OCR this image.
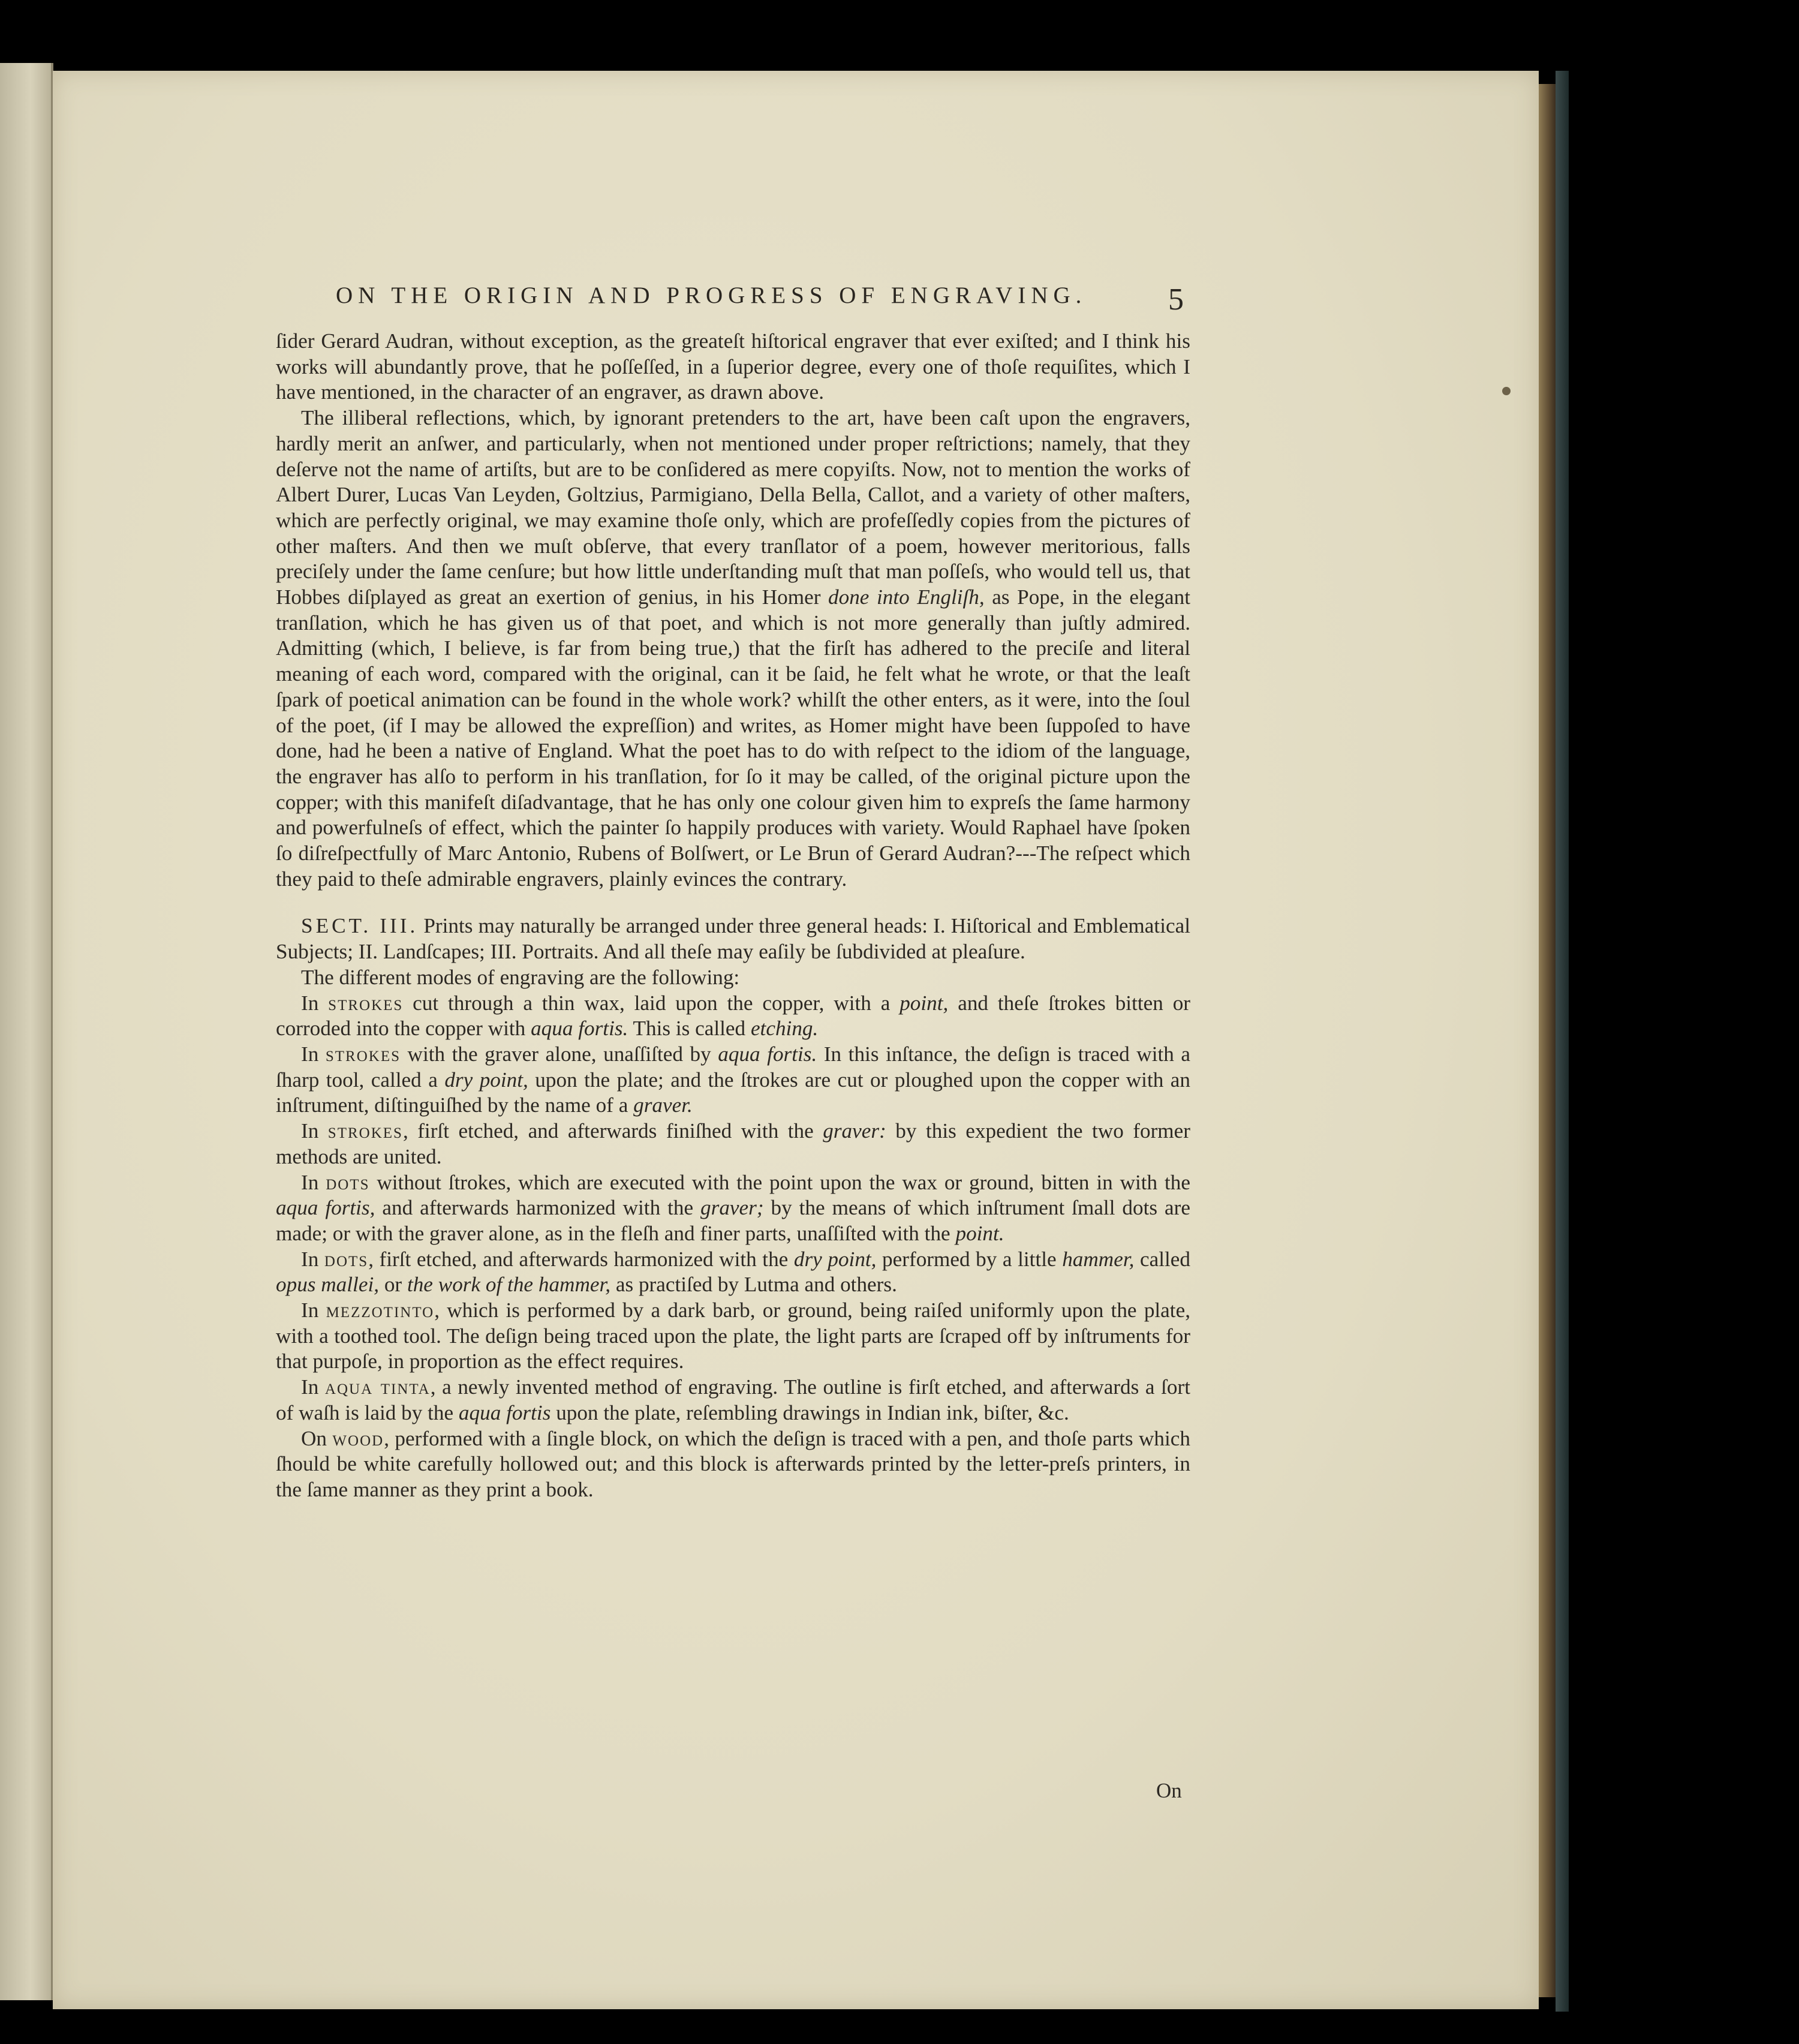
ON THE ORIGIN AND PROGRESS OF ENGRAVING.	5

ſider Gerard Audran, without exception, as the greateſt hiſtorical engraver that ever exiſted; and I think his works will abundantly prove, that he poſſeſſed, in a ſuperior degree, every one of thoſe requiſites, which I have mentioned, in the character of an engraver, as drawn above.

The illiberal reflections, which, by ignorant pretenders to the art, have been caſt upon the engravers, hardly merit an anſwer, and particularly, when not mentioned under proper reſtrictions; namely, that they deſerve not the name of artiſts, but are to be conſidered as mere copyiſts. Now, not to mention the works of Albert Durer, Lucas Van Leyden, Goltzius, Parmigiano, Della Bella, Callot, and a variety of other maſters, which are perfectly original, we may examine thoſe only, which are profeſſedly copies from the pictures of other maſters. And then we muſt obſerve, that every tranſlator of a poem, however meritorious, falls preciſely under the ſame cenſure; but how little underſtanding muſt that man poſſeſs, who would tell us, that Hobbes diſplayed as great an exertion of genius, in his Homer done into Engliſh, as Pope, in the elegant tranſlation, which he has given us of that poet, and which is not more generally than juſtly admired. Admitting (which, I believe, is far from being true,) that the firſt has adhered to the preciſe and literal meaning of each word, compared with the original, can it be ſaid, he felt what he wrote, or that the leaſt ſpark of poetical animation can be found in the whole work? whilſt the other enters, as it were, into the ſoul of the poet, (if I may be allowed the expreſſion) and writes, as Homer might have been ſuppoſed to have done, had he been a native of England. What the poet has to do with reſpect to the idiom of the language, the engraver has alſo to perform in his tranſlation, for ſo it may be called, of the original picture upon the copper; with this manifeſt diſadvantage, that he has only one colour given him to expreſs the ſame harmony and powerfulneſs of effect, which the painter ſo happily produces with variety. Would Raphael have ſpoken ſo diſreſpectfully of Marc Antonio, Rubens of Bolſwert, or Le Brun of Gerard Audran?---The reſpect which they paid to theſe admirable engravers, plainly evinces the contrary.

SECT. III. Prints may naturally be arranged under three general heads: I. Hiſtorical and Emblematical Subjects; II. Landſcapes; III. Portraits. And all theſe may eaſily be ſubdivided at pleaſure.

The different modes of engraving are the following:

In strokes cut through a thin wax, laid upon the copper, with a point, and theſe ſtrokes bitten or corroded into the copper with aqua fortis. This is called etching.

In strokes with the graver alone, unaſſiſted by aqua fortis. In this inſtance, the deſign is traced with a ſharp tool, called a dry point, upon the plate; and the ſtrokes are cut or ploughed upon the copper with an inſtrument, diſtinguiſhed by the name of a graver.

In strokes, firſt etched, and afterwards finiſhed with the graver: by this expedient the two former methods are united.

In dots without ſtrokes, which are executed with the point upon the wax or ground, bitten in with the aqua fortis, and afterwards harmonized with the graver; by the means of which inſtrument ſmall dots are made; or with the graver alone, as in the fleſh and finer parts, unaſſiſted with the point.

In dots, firſt etched, and afterwards harmonized with the dry point, performed by a little hammer, called opus mallei, or the work of the hammer, as practiſed by Lutma and others.

In mezzotinto, which is performed by a dark barb, or ground, being raiſed uniformly upon the plate, with a toothed tool. The deſign being traced upon the plate, the light parts are ſcraped off by inſtruments for that purpoſe, in proportion as the effect requires.

In aqua tinta, a newly invented method of engraving. The outline is firſt etched, and afterwards a ſort of waſh is laid by the aqua fortis upon the plate, reſembling drawings in Indian ink, biſter, &c.

On wood, performed with a ſingle block, on which the deſign is traced with a pen, and thoſe parts which ſhould be white carefully hollowed out; and this block is afterwards printed by the letter-preſs printers, in the ſame manner as they print a book.

On
